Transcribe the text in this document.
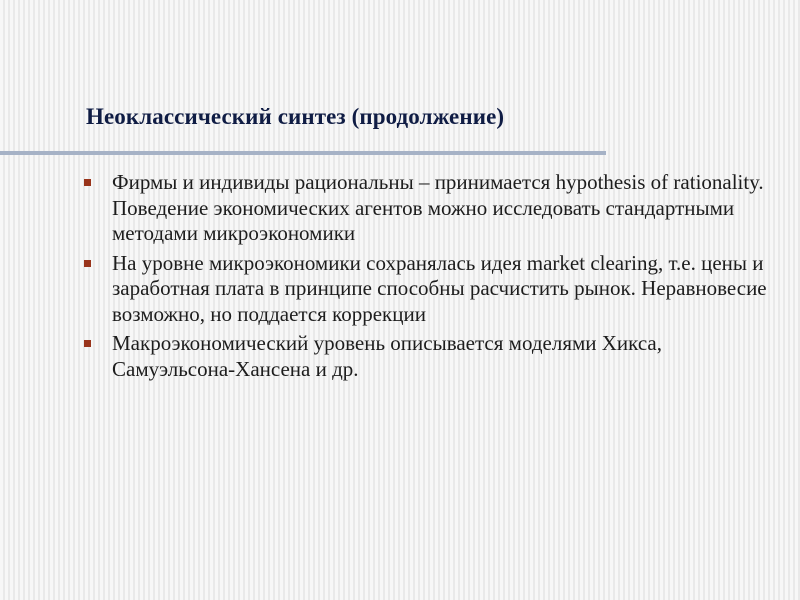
Неоклассический синтез (продолжение)
Фирмы и индивиды рациональны – принимается hypothesis of rationality. Поведение экономических агентов можно исследовать стандартными методами микроэкономики
На уровне микроэкономики сохранялась идея market clearing, т.е. цены и заработная плата в принципе способны расчистить рынок. Неравновесие возможно, но поддается коррекции
Макроэкономический уровень описывается моделями Хикса, Самуэльсона-Хансена и др.
